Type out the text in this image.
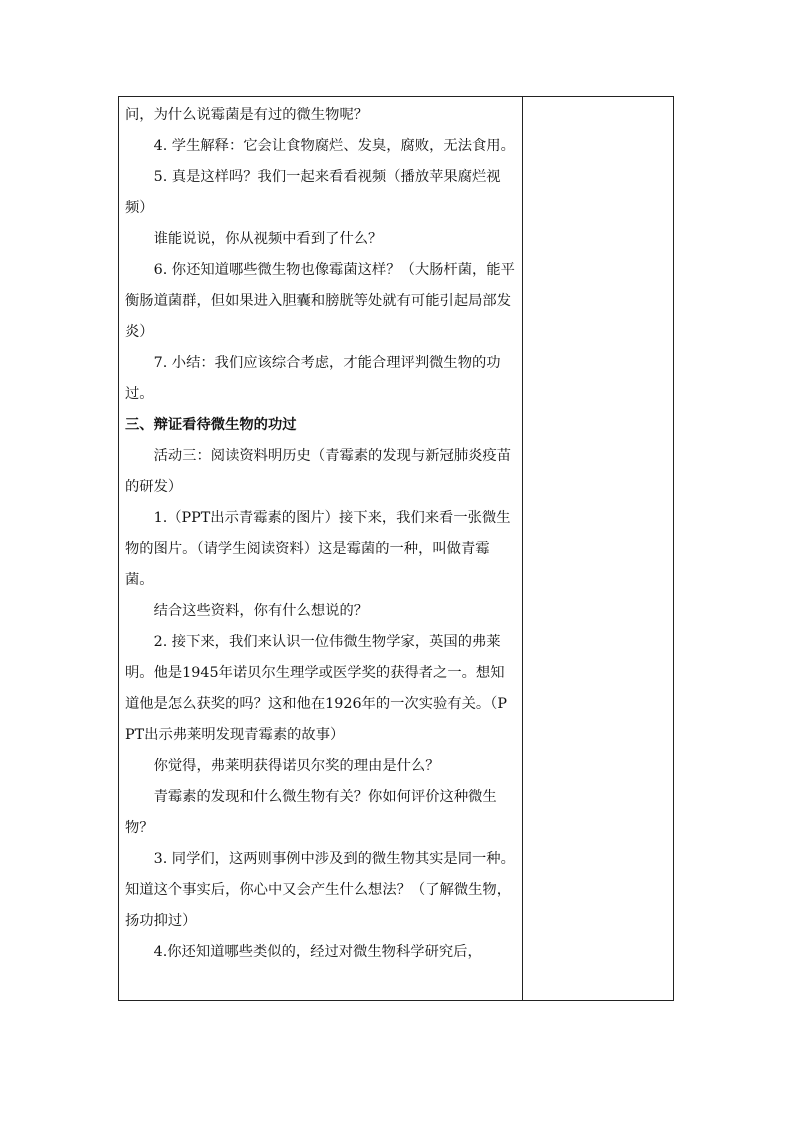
问，为什么说霉菌是有过的微生物呢？

4. 学生解释：它会让食物腐烂、发臭，腐败，无法食用。

5. 真是这样吗？我们一起来看看视频（播放苹果腐烂视频）

谁能说说，你从视频中看到了什么？

6. 你还知道哪些微生物也像霉菌这样？（大肠杆菌，能平衡肠道菌群，但如果进入胆囊和膀胱等处就有可能引起局部发炎）

7. 小结：我们应该综合考虑，才能合理评判微生物的功过。

三、辩证看待微生物的功过

活动三：阅读资料明历史（青霉素的发现与新冠肺炎疫苗的研发）

1.（PPT出示青霉素的图片）接下来，我们来看一张微生物的图片。（请学生阅读资料）这是霉菌的一种，叫做青霉菌。

结合这些资料，你有什么想说的？

2. 接下来，我们来认识一位伟微生物学家，英国的弗莱明。他是1945年诺贝尔生理学或医学奖的获得者之一。想知道他是怎么获奖的吗？这和他在1926年的一次实验有关。（PPT出示弗莱明发现青霉素的故事）

你觉得，弗莱明获得诺贝尔奖的理由是什么？

青霉素的发现和什么微生物有关？你如何评价这种微生物？

3. 同学们，这两则事例中涉及到的微生物其实是同一种。知道这个事实后，你心中又会产生什么想法？（了解微生物，扬功抑过）

4.你还知道哪些类似的，经过对微生物科学研究后，
